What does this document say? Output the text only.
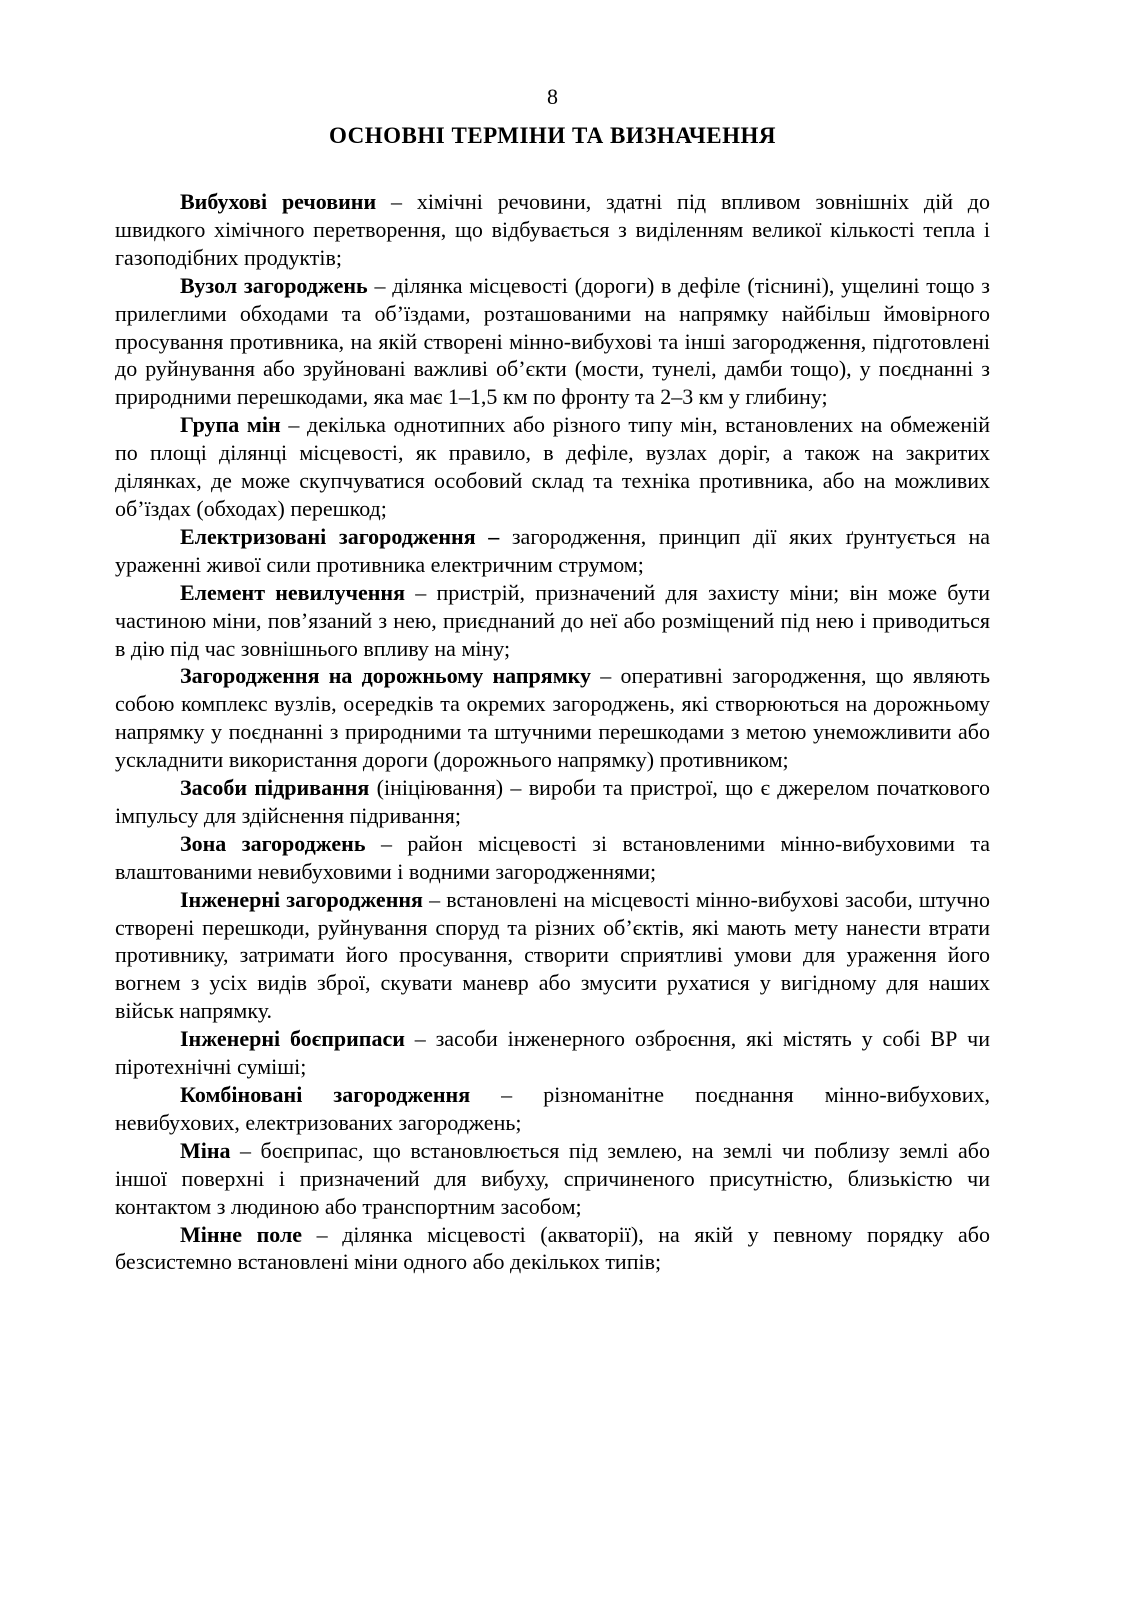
8
ОСНОВНІ ТЕРМІНИ ТА ВИЗНАЧЕННЯ

Вибухові речовини – хімічні речовини, здатні під впливом зовнішніх дій до швидкого хімічного перетворення, що відбувається з виділенням великої кількості тепла і газоподібних продуктів;

Вузол загороджень – ділянка місцевості (дороги) в дефіле (тіснині), ущелині тощо з прилеглими обходами та об’їздами, розташованими на напрямку найбільш ймовірного просування противника, на якій створені мінно-вибухові та інші загородження, підготовлені до руйнування або зруйновані важливі об’єкти (мости, тунелі, дамби тощо), у поєднанні з природними перешкодами, яка має 1–1,5 км по фронту та 2–3 км у глибину;

Група мін – декілька однотипних або різного типу мін, встановлених на обмеженій по площі ділянці місцевості, як правило, в дефіле, вузлах доріг, а також на закритих ділянках, де може скупчуватися особовий склад та техніка противника, або на можливих об’їздах (обходах) перешкод;

Електризовані загородження – загородження, принцип дії яких ґрунтується на ураженні живої сили противника електричним струмом;

Елемент невилучення – пристрій, призначений для захисту міни; він може бути частиною міни, пов’язаний з нею, приєднаний до неї або розміщений під нею і приводиться в дію під час зовнішнього впливу на міну;

Загородження на дорожньому напрямку – оперативні загородження, що являють собою комплекс вузлів, осередків та окремих загороджень, які створюються на дорожньому напрямку у поєднанні з природними та штучними перешкодами з метою унеможливити або ускладнити використання дороги (дорожнього напрямку) противником;

Засоби підривання (ініціювання) – вироби та пристрої, що є джерелом початкового імпульсу для здійснення підривання;

Зона загороджень – район місцевості зі встановленими мінно-вибуховими та влаштованими невибуховими і водними загородженнями;

Інженерні загородження – встановлені на місцевості мінно-вибухові засоби, штучно створені перешкоди, руйнування споруд та різних об’єктів, які мають мету нанести втрати противнику, затримати його просування, створити сприятливі умови для ураження його вогнем з усіх видів зброї, скувати маневр або змусити рухатися у вигідному для наших військ напрямку.

Інженерні боєприпаси – засоби інженерного озброєння, які містять у собі ВР чи піротехнічні суміші;

Комбіновані загородження – різноманітне поєднання мінно-вибухових, невибухових, електризованих загороджень;

Міна – боєприпас, що встановлюється під землею, на землі чи поблизу землі або іншої поверхні і призначений для вибуху, спричиненого присутністю, близькістю чи контактом з людиною або транспортним засобом;

Мінне поле – ділянка місцевості (акваторії), на якій у певному порядку або безсистемно встановлені міни одного або декількох типів;
